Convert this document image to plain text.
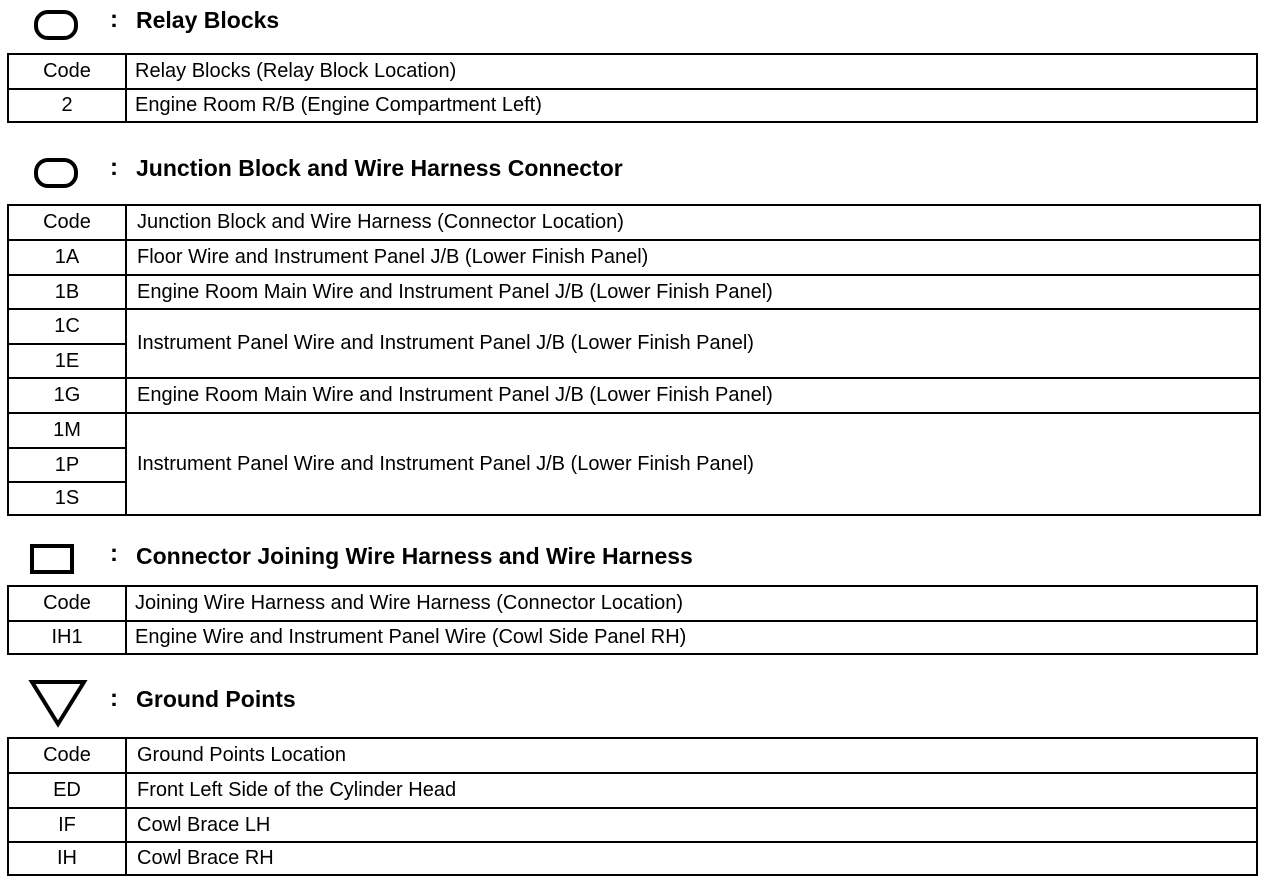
: Relay Blocks
Code	Relay Blocks (Relay Block Location)
2	Engine Room R/B (Engine Compartment Left)
: Junction Block and Wire Harness Connector
Code	Junction Block and Wire Harness (Connector Location)
1A	Floor Wire and Instrument Panel J/B (Lower Finish Panel)
1B	Engine Room Main Wire and Instrument Panel J/B (Lower Finish Panel)
1C	Instrument Panel Wire and Instrument Panel J/B (Lower Finish Panel)
1E	
1G	Engine Room Main Wire and Instrument Panel J/B (Lower Finish Panel)
1M	Instrument Panel Wire and Instrument Panel J/B (Lower Finish Panel)
1P	
1S	
: Connector Joining Wire Harness and Wire Harness
Code	Joining Wire Harness and Wire Harness (Connector Location)
IH1	Engine Wire and Instrument Panel Wire (Cowl Side Panel RH)
: Ground Points
Code	Ground Points Location
ED	Front Left Side of the Cylinder Head
IF	Cowl Brace LH
IH	Cowl Brace RH
